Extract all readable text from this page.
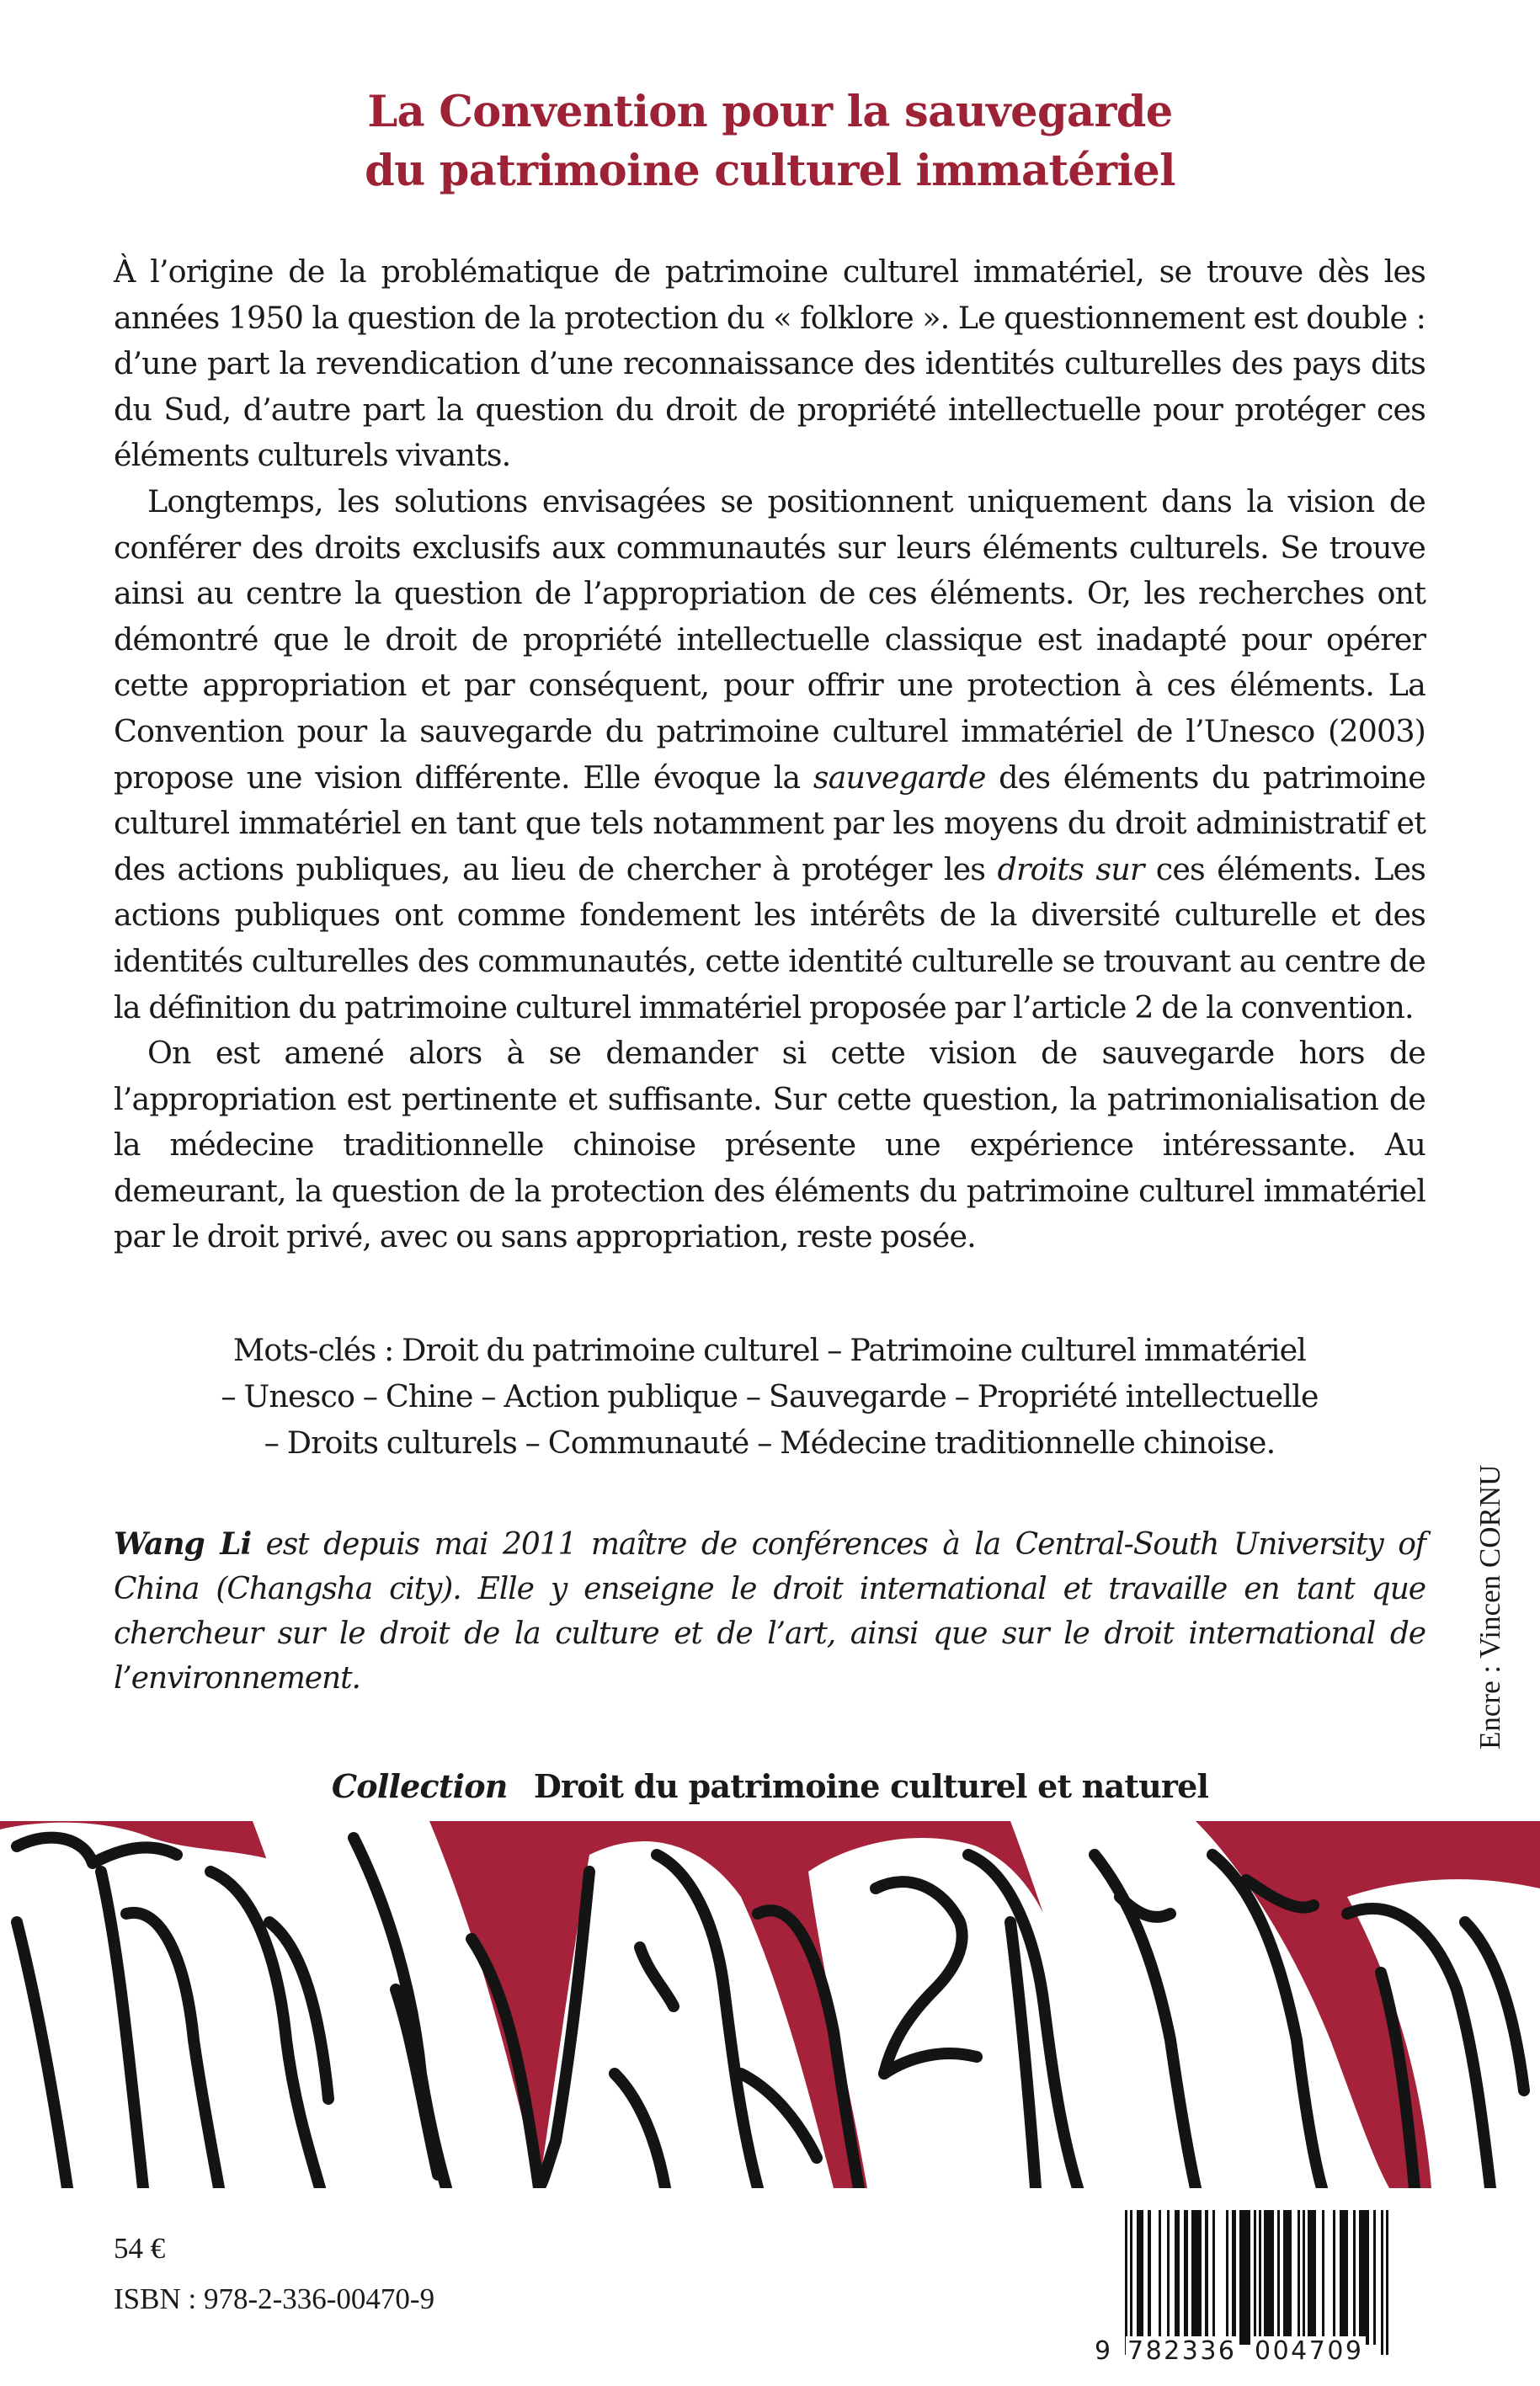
La Convention pour la sauvegarde
du patrimoine culturel immatériel

À l’origine de la problématique de patrimoine culturel immatériel, se trouve dès les années 1950 la question de la protection du « folklore ». Le questionnement est double : d’une part la revendication d’une reconnaissance des identités culturelles des pays dits du Sud, d’autre part la question du droit de propriété intellectuelle pour protéger ces éléments culturels vivants.

Longtemps, les solutions envisagées se positionnent uniquement dans la vision de conférer des droits exclusifs aux communautés sur leurs éléments culturels. Se trouve ainsi au centre la question de l’appropriation de ces éléments. Or, les recherches ont démontré que le droit de propriété intellectuelle classique est inadapté pour opérer cette appropriation et par conséquent, pour offrir une protection à ces éléments. La Convention pour la sauvegarde du patrimoine culturel immatériel de l’Unesco (2003) propose une vision différente. Elle évoque la sauvegarde des éléments du patrimoine culturel immatériel en tant que tels notamment par les moyens du droit administratif et des actions publiques, au lieu de chercher à protéger les droits sur ces éléments. Les actions publiques ont comme fondement les intérêts de la diversité culturelle et des identités culturelles des communautés, cette identité culturelle se trouvant au centre de la définition du patrimoine culturel immatériel proposée par l’article 2 de la convention.

On est amené alors à se demander si cette vision de sauvegarde hors de l’appropriation est pertinente et suffisante. Sur cette question, la patrimonialisation de la médecine traditionnelle chinoise présente une expérience intéressante. Au demeurant, la question de la protection des éléments du patrimoine culturel immatériel par le droit privé, avec ou sans appropriation, reste posée.

Mots-clés : Droit du patrimoine culturel – Patrimoine culturel immatériel
– Unesco – Chine – Action publique – Sauvegarde – Propriété intellectuelle
– Droits culturels – Communauté – Médecine traditionnelle chinoise.
Wang Li est depuis mai 2011 maître de conférences à la Central-South University of China (Changsha city). Elle y enseigne le droit international et travaille en tant que chercheur sur le droit de la culture et de l’art, ainsi que sur le droit international de l’environnement.	Encre : Vincen CORNU
Collection Droit du patrimoine culturel et naturel
54 €
ISBN : 978-2-336-00470-9
9 782336 004709
